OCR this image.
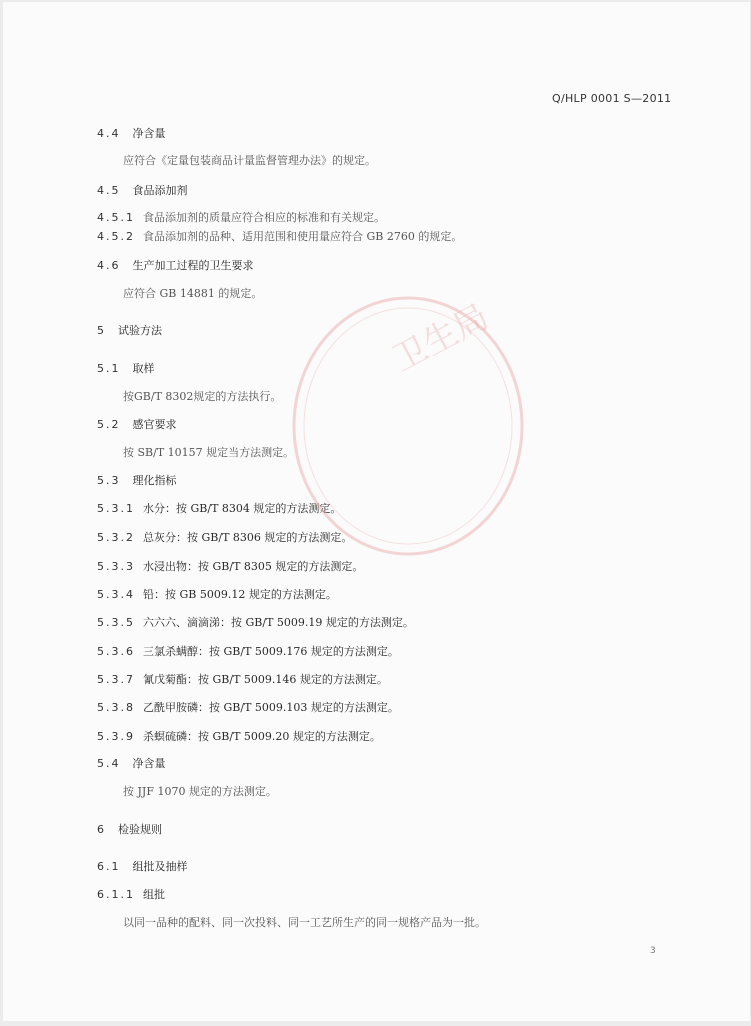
Q/HLP 0001 S—2011
4.4 净含量
应符合《定量包装商品计量监督管理办法》的规定。
4.5 食品添加剂
4.5.1 食品添加剂的质量应符合相应的标准和有关规定。
4.5.2 食品添加剂的品种、适用范围和使用量应符合 GB 2760 的规定。
4.6 生产加工过程的卫生要求
应符合 GB 14881 的规定。
5 试验方法
5.1 取样
按GB/T 8302规定的方法执行。
5.2 感官要求
按 SB/T 10157 规定当方法测定。
5.3 理化指标
5.3.1 水分：按 GB/T 8304 规定的方法测定。
5.3.2 总灰分：按 GB/T 8306 规定的方法测定。
5.3.3 水浸出物：按 GB/T 8305 规定的方法测定。
5.3.4 铅：按 GB 5009.12 规定的方法测定。
5.3.5 六六六、滴滴涕：按 GB/T 5009.19 规定的方法测定。
5.3.6 三氯杀螨醇：按 GB/T 5009.176 规定的方法测定。
5.3.7 氰戊菊酯：按 GB/T 5009.146 规定的方法测定。
5.3.8 乙酰甲胺磷：按 GB/T 5009.103 规定的方法测定。
5.3.9 杀螟硫磷：按 GB/T 5009.20 规定的方法测定。
5.4 净含量
按 JJF 1070 规定的方法测定。
6 检验规则
6.1 组批及抽样
6.1.1 组批
以同一品种的配料、同一次投料、同一工艺所生产的同一规格产品为一批。
卫生局
3
